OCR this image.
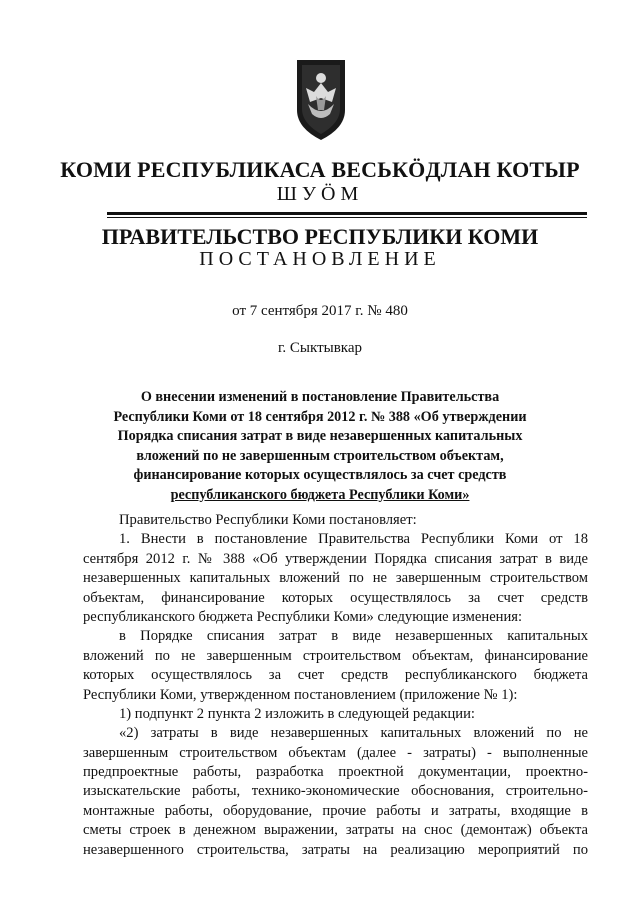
КОМИ РЕСПУБЛИКАСА ВЕСЬКӦДЛАН КОТЫР
ШУӦМ
ПРАВИТЕЛЬСТВО РЕСПУБЛИКИ КОМИ
ПОСТАНОВЛЕНИЕ
от 7 сентября 2017 г. № 480
г. Сыктывкар
О внесении изменений в постановление Правительства
Республики Коми от 18 сентября 2012 г. № 388 «Об утверждении
Порядка списания затрат в виде незавершенных капитальных
вложений по не завершенным строительством объектам,
финансирование которых осуществлялось за счет средств
республиканского бюджета Республики Коми»
Правительство Республики Коми постановляет:
1. Внести в постановление Правительства Республики Коми от 18
сентября 2012 г. № 388 «Об утверждении Порядка списания затрат в виде
незавершенных капитальных вложений по не завершенным строительством
объектам, финансирование которых осуществлялось за счет средств
республиканского бюджета Республики Коми» следующие изменения:
в Порядке списания затрат в виде незавершенных капитальных
вложений по не завершенным строительством объектам, финансирование
которых осуществлялось за счет средств республиканского бюджета
Республики Коми, утвержденном постановлением (приложение № 1):
1) подпункт 2 пункта 2 изложить в следующей редакции:
«2) затраты в виде незавершенных капитальных вложений по не
завершенным строительством объектам (далее - затраты) - выполненные
предпроектные работы, разработка проектной документации, проектно-
изыскательские работы, технико-экономические обоснования, строительно-
монтажные работы, оборудование, прочие работы и затраты, входящие в
сметы строек в денежном выражении, затраты на снос (демонтаж) объекта
незавершенного строительства, затраты на реализацию мероприятий по
